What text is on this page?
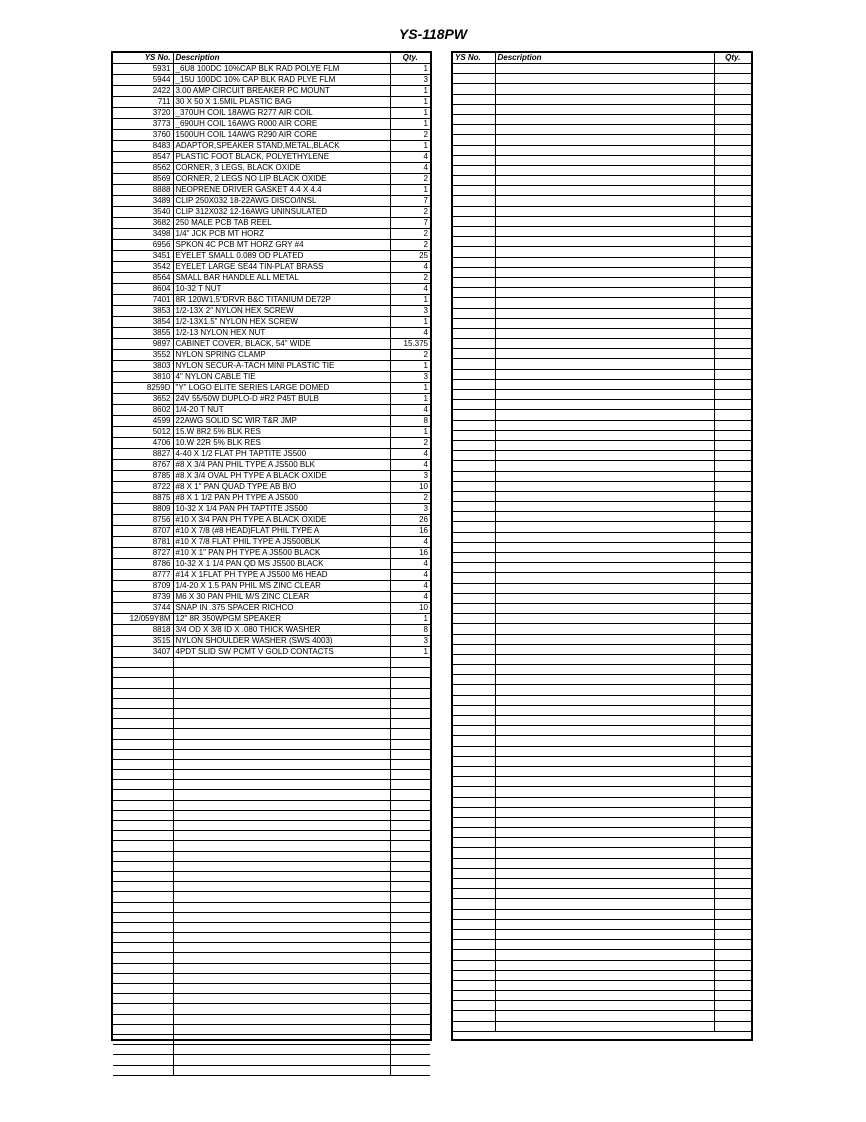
YS-118PW
YS No.	Description	Qty.
5931	_6U8 100DC 10%CAP BLK RAD POLYE FLM	1
5944	_15U 100DC 10% CAP BLK RAD PLYE FLM	3
2422	3.00 AMP CIRCUIT BREAKER PC MOUNT	1
711	30 X 50 X 1.5MIL PLASTIC BAG	1
3720	_370UH COIL 18AWG R277 AIR COIL	1
3773	_690UH COIL 16AWG R000 AIR CORE	1
3760	1500UH COIL 14AWG R290 AIR CORE	2
8483	ADAPTOR,SPEAKER STAND,METAL,BLACK	1
8547	PLASTIC FOOT BLACK, POLYETHYLENE	4
8562	CORNER, 3 LEGS, BLACK OXIDE	4
8569	CORNER, 2 LEGS NO LIP BLACK OXIDE	2
8888	NEOPRENE DRIVER GASKET 4.4 X 4.4	1
3489	CLIP 250X032 18-22AWG DISCO/INSL	7
3540	CLIP 312X032 12-16AWG UNINSULATED	2
3682	250 MALE PCB TAB REEL	7
3498	1/4" JCK PCB MT HORZ	2
6956	SPKON 4C PCB MT HORZ GRY #4	2
3451	EYELET SMALL 0.089 OD PLATED	25
3542	EYELET LARGE SE44 TIN-PLAT BRASS	4
8564	SMALL BAR HANDLE ALL METAL	2
8604	10-32 T NUT	4
7401	8R 120W1.5"DRVR B&C TITANIUM DE72P	1
3853	1/2-13X 2" NYLON HEX SCREW	3
3854	1/2-13X1.5" NYLON HEX SCREW	1
3855	1/2-13 NYLON HEX NUT	4
9897	CABINET COVER, BLACK, 54" WIDE	15.375
3552	NYLON SPRING CLAMP	2
3803	NYLON SECUR-A-TACH MINI PLASTIC TIE	1
3810	4" NYLON CABLE TIE	3
8259D	"Y" LOGO ELITE SERIES LARGE DOMED	1
3652	24V 55/50W DUPLO-D #R2 P45T BULB	1
8602	1/4-20 T NUT	4
4599	22AWG SOLID SC WIR T&R JMP	8
5012	15.W 8R2 5% BLK RES	1
4706	10.W 22R 5% BLK RES	2
8827	4-40 X 1/2 FLAT PH TAPTITE JS500	4
8767	#8 X 3/4 PAN PHIL TYPE A JS500 BLK	4
8785	#8 X 3/4 OVAL PH TYPE A BLACK OXIDE	3
8722	#8 X 1" PAN QUAD TYPE AB B/O	10
8875	#8 X 1 1/2 PAN PH TYPE A JS500	2
8809	10-32 X 1/4 PAN PH TAPTITE JS500	3
8756	#10 X 3/4 PAN PH TYPE A BLACK OXIDE	26
8707	#10 X 7/8 (#8 HEAD)FLAT PHIL TYPE A	16
8781	#10 X 7/8 FLAT PHIL TYPE A JS500BLK	4
8727	#10 X 1" PAN PH TYPE A JS500 BLACK	16
8786	10-32 X 1 1/4 PAN QD MS JS500 BLACK	4
8777	#14 X 1FLAT PH TYPE A JS500 M6 HEAD	4
8709	1/4-20 X 1.5 PAN PHIL MS ZINC CLEAR	4
8739	M6 X 30 PAN PHIL M/S ZINC CLEAR	4
3744	SNAP IN .375 SPACER RICHCO	10
12/059Y8M	12" 8R 350WPGM SPEAKER	1
8818	3/4 OD X 3/8 ID X .080 THICK WASHER	8
3515	NYLON SHOULDER WASHER (SWS 4003)	3
3407	4PDT SLID SW PCMT V GOLD CONTACTS	1

YS No.	Description	Qty.
